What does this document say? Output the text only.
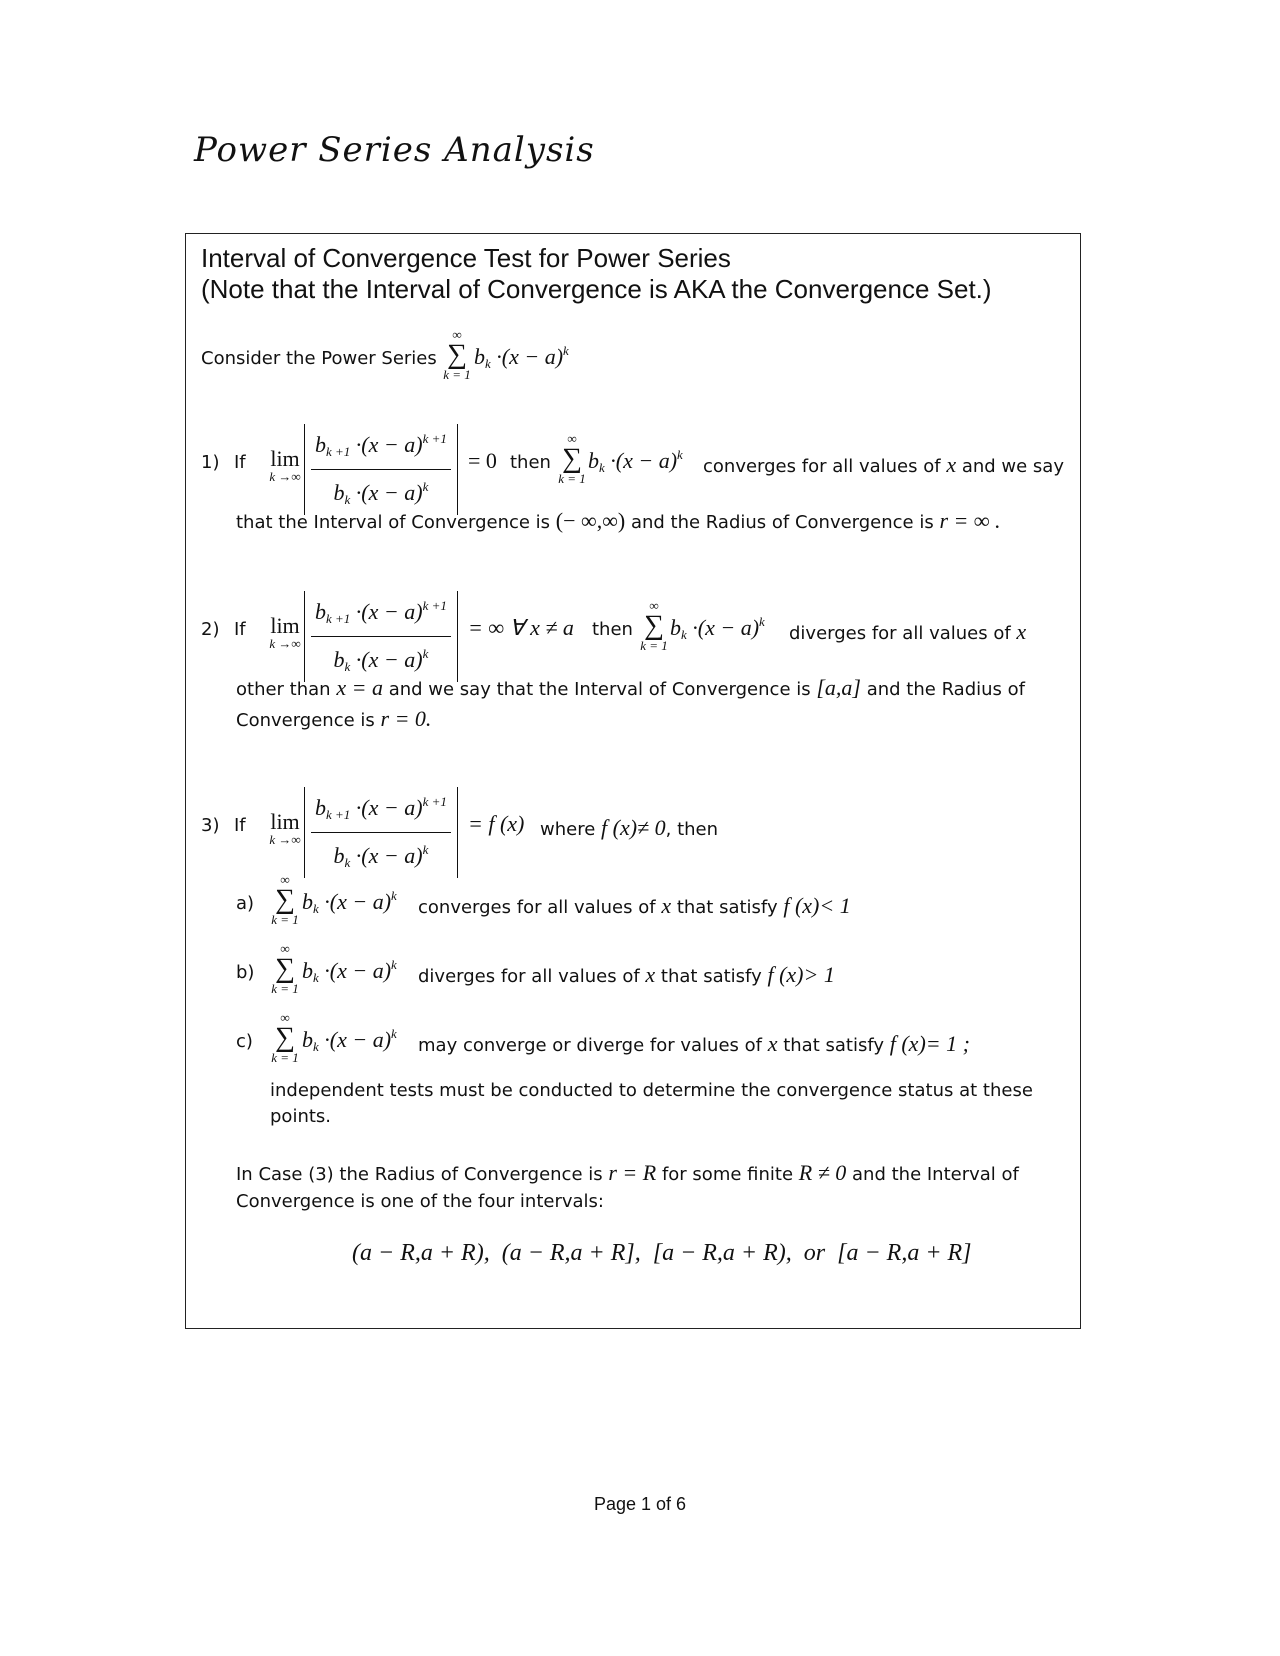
Power Series Analysis
Interval of Convergence Test for Power Series
(Note that the Interval of Convergence is AKA the Convergence Set.)
Consider the Power Series
∞
∑
k = 1
$b_k \cdot(x - a)^k$
1) If	lim
k →∞ $\frac{b_{k +1} \cdot(x - a)^{k +1}}{b_k \cdot(x - a)^k} = 0$ then
∞
∑
k = 1
$b_k \cdot(x - a)^k$
converges for all values of x and we say
that the Interval of Convergence is (− ∞,∞) and the Radius of Convergence is r = ∞ .
2) If	lim
k →∞ $\frac{b_{k +1} \cdot(x - a)^{k +1}}{b_k \cdot(x - a)^k}$ = ∞ ∀ x ≠ a then
∞
∑
k = 1
$b_k \cdot(x - a)^k$
diverges for all values of x
other than x = a and we say that the Interval of Convergence is [a,a] and the Radius of
Convergence is r = 0.
3) If	lim
k →∞ $\frac{b_{k +1} \cdot(x - a)^{k +1}}{b_k \cdot(x - a)^k} = f$ (x) where f (x)≠ 0, then
a)
∞
∑
k = 1
$b_k \cdot(x - a)^k$
converges for all values of x that satisfy f (x)< 1
b)
∞
∑
k = 1
$b_k \cdot(x - a)^k$
diverges for all values of x that satisfy f (x)> 1
c)
∞
∑
k = 1
$b_k \cdot(x - a)^k$
may converge or diverge for values of x that satisfy f (x)= 1 ;
independent tests must be conducted to determine the convergence status at these
points.
In Case (3) the Radius of Convergence is r = R for some finite R ≠ 0 and the Interval of
Convergence is one of the four intervals:
(a − R,a + R),  (a − R,a + R],  [a − R,a + R),  or  [a − R,a + R]
Page 1 of 6
